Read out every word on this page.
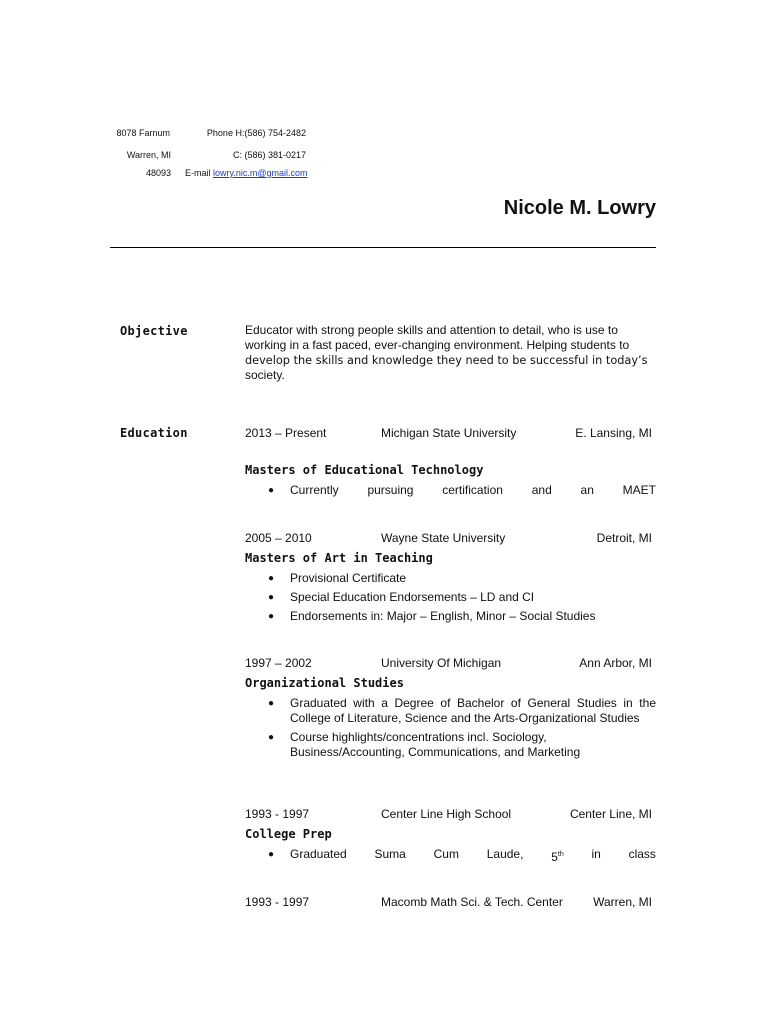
8078 Farnum	Phone H:(586) 754-2482
Warren, MI	C: (586) 381-0217
48093 E-mail lowry.nic.m@gmail.com
Nicole M. Lowry
Objective	Educator with strong people skills and attention to detail, who is use to
working in a fast paced, ever-changing environment. Helping students to
develop the skills and knowledge they need to be successful in today’s
society.
Education	2013 – Present	Michigan State University	E. Lansing, MI
Masters of Educational Technology
● Currently pursuing certification and an MAET
2005 – 2010	Wayne State University	Detroit, MI
Masters of Art in Teaching
● Provisional Certificate
● Special Education Endorsements – LD and CI
● Endorsements in: Major – English, Minor – Social Studies
1997 – 2002	University Of Michigan	Ann Arbor, MI
Organizational Studies
● Graduated with a Degree of Bachelor of General Studies in the College of Literature, Science and the Arts-Organizational Studies
● Course highlights/concentrations incl. Sociology, Business/Accounting, Communications, and Marketing
1993 - 1997	Center Line High School	Center Line, MI
College Prep
● Graduated Suma Cum Laude, 5th in class
1993 - 1997	Macomb Math Sci. & Tech. Center	Warren, MI
